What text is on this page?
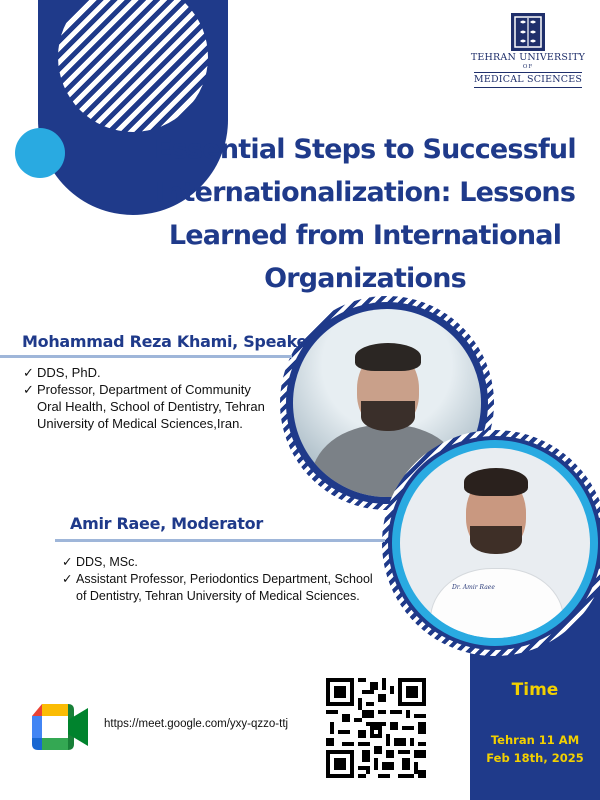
TEHRAN UNIVERSITY
OF
MEDICAL SCIENCES
Essential Steps to Successful
Internationalization: Lessons
Learned from International
Organizations
Dr. Amir Raee
Mohammad Reza Khami, Speaker
✓ DDS, PhD.
✓ Professor, Department of Community Oral Health, School of Dentistry, Tehran University of Medical Sciences,Iran.
Amir Raee, Moderator
✓ DDS, MSc.
✓ Assistant Professor, Periodontics Department, School of Dentistry, Tehran University of Medical Sciences.
https://meet.google.com/yxy-qzzo-ttj
Time
Tehran 11 AM
Feb 18th, 2025
